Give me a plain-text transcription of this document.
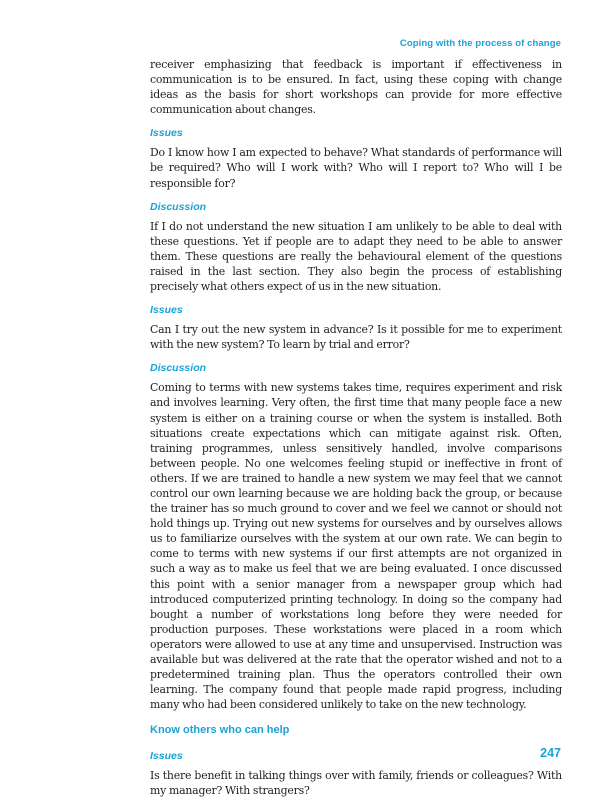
Coping with the process of change

receiver emphasizing that feedback is important if effectiveness in communication is to be ensured. In fact, using these coping with change ideas as the basis for short workshops can provide for more effective communication about changes.

Issues

Do I know how I am expected to behave? What standards of performance will be required? Who will I work with? Who will I report to? Who will I be responsible for?

Discussion

If I do not understand the new situation I am unlikely to be able to deal with these questions. Yet if people are to adapt they need to be able to answer them. These questions are really the behavioural element of the questions raised in the last section. They also begin the process of establishing precisely what others expect of us in the new situation.

Issues

Can I try out the new system in advance? Is it possible for me to experiment with the new system? To learn by trial and error?

Discussion

Coming to terms with new systems takes time, requires experiment and risk and involves learning. Very often, the first time that many people face a new system is either on a training course or when the system is installed. Both situations create expectations which can mitigate against risk. Often, training programmes, unless sensitively handled, involve comparisons between people. No one welcomes feeling stupid or ineffective in front of others. If we are trained to handle a new system we may feel that we cannot control our own learning because we are holding back the group, or because the trainer has so much ground to cover and we feel we cannot or should not hold things up. Trying out new systems for ourselves and by ourselves allows us to familiarize ourselves with the system at our own rate. We can begin to come to terms with new systems if our first attempts are not organized in such a way as to make us feel that we are being evaluated. I once discussed this point with a senior manager from a newspaper group which had introduced computerized printing technology. In doing so the company had bought a number of workstations long before they were needed for production purposes. These workstations were placed in a room which operators were allowed to use at any time and unsupervised. Instruction was available but was delivered at the rate that the operator wished and not to a predetermined training plan. Thus the operators controlled their own learning. The company found that people made rapid progress, including many who had been considered unlikely to take on the new technology.

Know others who can help
Issues

Is there benefit in talking things over with family, friends or colleagues? With my manager? With strangers?

247
